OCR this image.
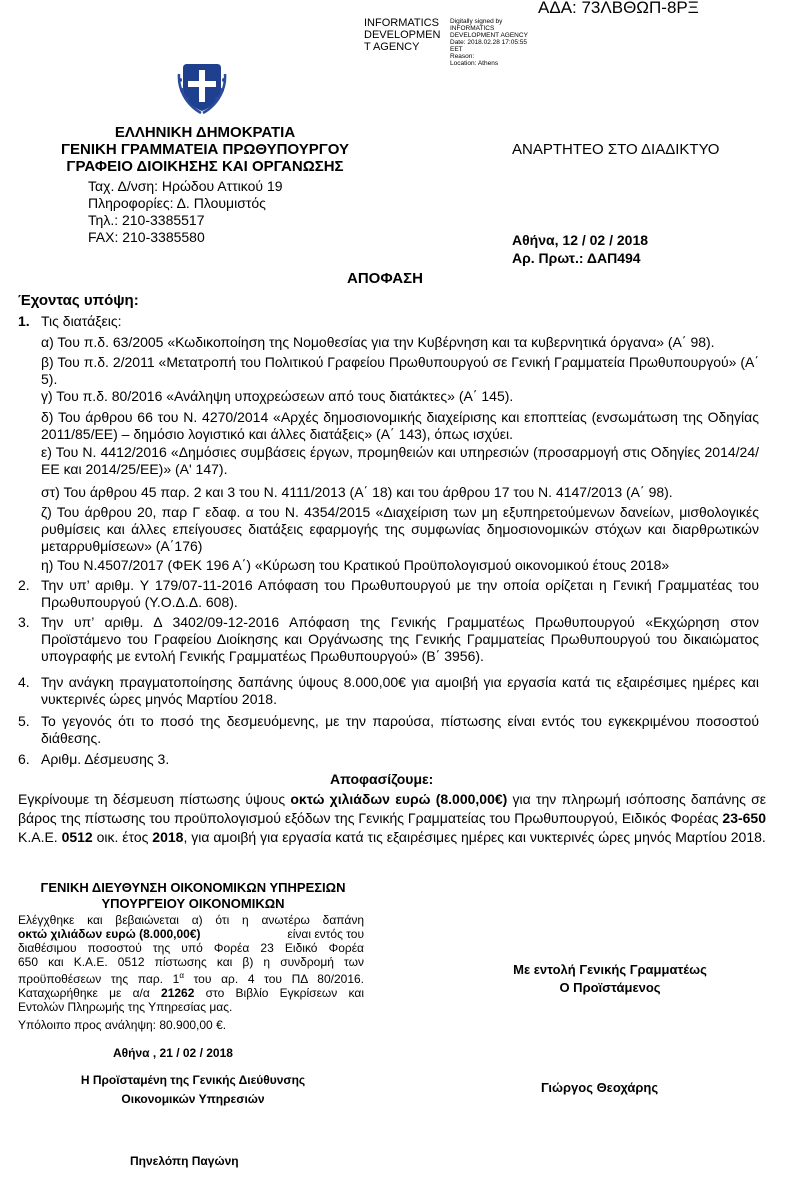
ΑΔΑ: 73ΛΒΘΩΠ-8ΡΞ
INFORMATICS
DEVELOPMEN
T AGENCY
Digitally signed by
INFORMATICS
DEVELOPMENT AGENCY
Date: 2018.02.28 17:05:55
EET
Reason:
Location: Athens
ΕΛΛΗΝΙΚΗ ΔΗΜΟΚΡΑΤΙΑ
ΓΕΝΙΚΗ ΓΡΑΜΜΑΤΕΙΑ ΠΡΩΘΥΠΟΥΡΓΟΥ
ΓΡΑΦΕΙΟ ΔΙΟΙΚΗΣΗΣ ΚΑΙ ΟΡΓΑΝΩΣΗΣ
ΑΝΑΡΤΗΤΕΟ ΣΤΟ ΔΙΑΔΙΚΤΥΟ
Ταχ. Δ/νση: Ηρώδου Αττικού 19
Πληροφορίες: Δ. Πλουμιστός
Τηλ.: 210-3385517
FAX: 210-3385580	Αθήνα, 12 / 02 / 2018
Αρ. Πρωτ.: ΔΑΠ494
ΑΠΟΦΑΣΗ
Έχοντας υπόψη:
1. Τις διατάξεις:
α) Του π.δ. 63/2005 «Κωδικοποίηση της Νομοθεσίας για την Κυβέρνηση και τα κυβερνητικά όργανα» (Α΄ 98).
β) Του π.δ. 2/2011 «Μετατροπή του Πολιτικού Γραφείου Πρωθυπουργού σε Γενική Γραμματεία Πρωθυπουργού» (Α΄ 5).
γ) Του π.δ. 80/2016 «Ανάληψη υποχρεώσεων από τους διατάκτες» (Α΄ 145).
δ) Του άρθρου 66 του Ν. 4270/2014 «Αρχές δημοσιονομικής διαχείρισης και εποπτείας (ενσωμάτωση της Οδηγίας 2011/85/ΕΕ) – δημόσιο λογιστικό και άλλες διατάξεις» (Α΄ 143), όπως ισχύει.
ε) Του Ν. 4412/2016 «Δημόσιες συμβάσεις έργων, προμηθειών και υπηρεσιών (προσαρμογή στις Οδηγίες 2014/24/ΕΕ και 2014/25/ΕΕ)» (Α' 147).
στ) Του άρθρου 45 παρ. 2 και 3 του Ν. 4111/2013 (Α΄ 18) και του άρθρου 17 του Ν. 4147/2013 (Α΄ 98).
ζ) Του άρθρου 20, παρ Γ εδαφ. α του Ν. 4354/2015 «Διαχείριση των μη εξυπηρετούμενων δανείων, μισθολογικές ρυθμίσεις και άλλες επείγουσες διατάξεις εφαρμογής της συμφωνίας δημοσιονομικών στόχων και διαρθρωτικών μεταρρυθμίσεων» (Α΄176)
η) Του Ν.4507/2017 (ΦΕΚ 196 Α΄) «Κύρωση του Κρατικού Προϋπολογισμού οικονομικού έτους 2018»
2. Την υπ’ αριθμ. Υ 179/07-11-2016 Απόφαση του Πρωθυπουργού με την οποία ορίζεται η Γενική Γραμματέας του Πρωθυπουργού (Υ.Ο.Δ.Δ. 608).
3. Την υπ’ αριθμ. Δ 3402/09-12-2016 Απόφαση της Γενικής Γραμματέως Πρωθυπουργού «Εκχώρηση στον Προϊστάμενο του Γραφείου Διοίκησης και Οργάνωσης της Γενικής Γραμματείας Πρωθυπουργού του δικαιώματος υπογραφής με εντολή Γενικής Γραμματέως Πρωθυπουργού» (Β΄ 3956).
4. Την ανάγκη πραγματοποίησης δαπάνης ύψους 8.000,00€ για αμοιβή για εργασία κατά τις εξαιρέσιμες ημέρες και νυκτερινές ώρες μηνός Μαρτίου 2018.
5. Το γεγονός ότι το ποσό της δεσμευόμενης, με την παρούσα, πίστωσης είναι εντός του εγκεκριμένου ποσοστού διάθεσης.
6. Αριθμ. Δέσμευσης 3.
Αποφασίζουμε:
Εγκρίνουμε τη δέσμευση πίστωσης ύψους οκτώ χιλιάδων ευρώ (8.000,00€) για την πληρωμή ισόποσης δαπάνης σε βάρος της πίστωσης του προϋπολογισμού εξόδων της Γενικής Γραμματείας του Πρωθυπουργού, Ειδικός Φορέας 23-650 Κ.Α.Ε. 0512 οικ. έτος 2018, για αμοιβή για εργασία κατά τις εξαιρέσιμες ημέρες και νυκτερινές ώρες μηνός Μαρτίου 2018.
ΓΕΝΙΚΗ ΔΙΕΥΘΥΝΣΗ ΟΙΚΟΝΟΜΙΚΩΝ ΥΠΗΡΕΣΙΩΝ
ΥΠΟΥΡΓΕΙΟΥ ΟΙΚΟΝΟΜΙΚΩΝ
Ελέγχθηκε και βεβαιώνεται α) ότι η ανωτέρω δαπάνη
οκτώ χιλιάδων ευρώ (8.000,00€)	είναι εντός του
διαθέσιμου ποσοστού της υπό Φορέα 23 Ειδικό Φορέα
650 και Κ.Α.Ε. 0512 πίστωσης και β) η συνδρομή των
προϋποθέσεων της παρ. $1^\alpha$ του αρ. 4 του ΠΔ 80/2016.
Καταχωρήθηκε με α/α 21262 στο Βιβλίο Εγκρίσεων και
Εντολών Πληρωμής της Υπηρεσίας μας.
Υπόλοιπο προς ανάληψη: 80.900,00 €.
Αθήνα , 21 / 02 / 2018
Η Προϊσταμένη της Γενικής Διεύθυνσης
Οικονομικών Υπηρεσιών
Πηνελόπη Παγώνη
Με εντολή Γενικής Γραμματέως
Ο Προϊστάμενος
Γιώργος Θεοχάρης
